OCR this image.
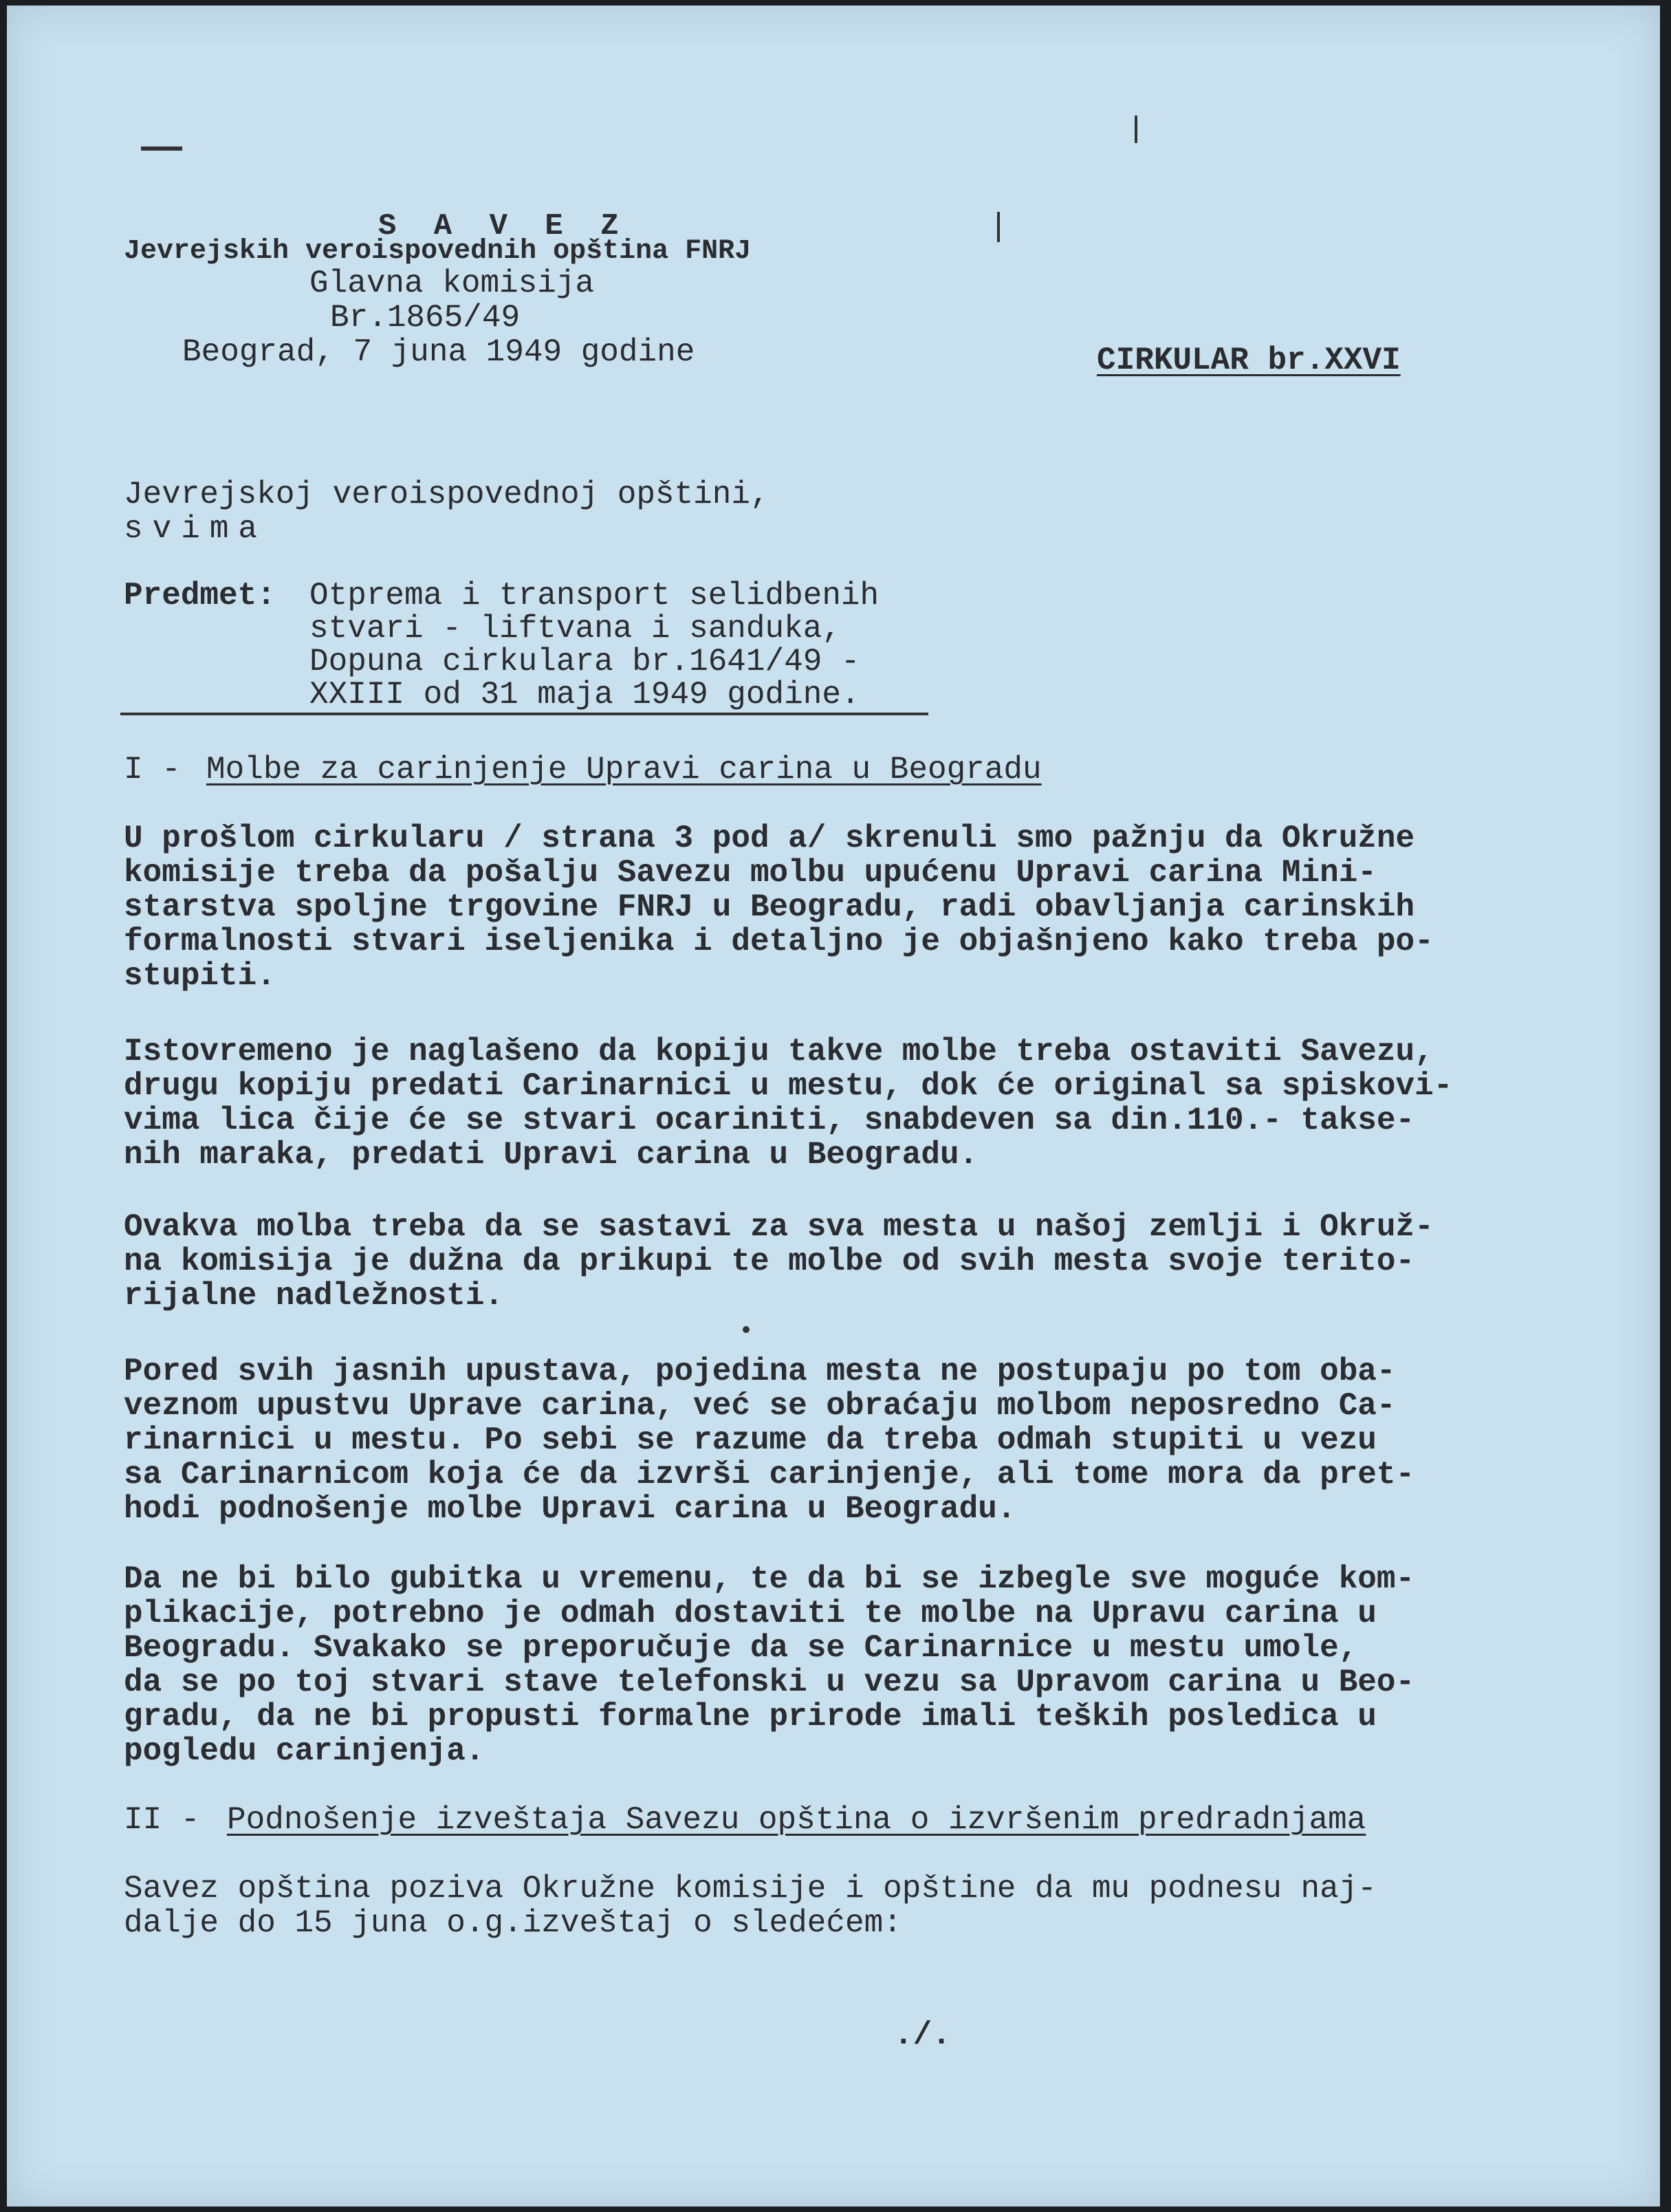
S A V E Z
Jevrejskih veroispovednih opština FNRJ
Glavna komisija
Br.1865/49
Beograd, 7 juna 1949 godine	CIRKULAR br.XXVI
Jevrejskoj veroispovednoj opštini,
svima
Predmet: Otprema i transport selidbenih
stvari - liftvana i sanduka,
Dopuna cirkulara br.1641/49 -
XXIII od 31 maja 1949 godine.
I - Molbe za carinjenje Upravi carina u Beogradu
U prošlom cirkularu / strana 3 pod a/ skrenuli smo pažnju da Okružne
komisije treba da pošalju Savezu molbu upućenu Upravi carina Mini-
starstva spoljne trgovine FNRJ u Beogradu, radi obavljanja carinskih
formalnosti stvari iseljenika i detaljno je objašnjeno kako treba po-
stupiti.
Istovremeno je naglašeno da kopiju takve molbe treba ostaviti Savezu,
drugu kopiju predati Carinarnici u mestu, dok će original sa spiskovi-
vima lica čije će se stvari ocariniti, snabdeven sa din.110.- takse-
nih maraka, predati Upravi carina u Beogradu.
Ovakva molba treba da se sastavi za sva mesta u našoj zemlji i Okruž-
na komisija je dužna da prikupi te molbe od svih mesta svoje terito-
rijalne nadležnosti.
Pored svih jasnih upustava, pojedina mesta ne postupaju po tom oba-
veznom upustvu Uprave carina, već se obraćaju molbom neposredno Ca-
rinarnici u mestu. Po sebi se razume da treba odmah stupiti u vezu
sa Carinarnicom koja će da izvrši carinjenje, ali tome mora da pret-
hodi podnošenje molbe Upravi carina u Beogradu.
Da ne bi bilo gubitka u vremenu, te da bi se izbegle sve moguće kom-
plikacije, potrebno je odmah dostaviti te molbe na Upravu carina u
Beogradu. Svakako se preporučuje da se Carinarnice u mestu umole,
da se po toj stvari stave telefonski u vezu sa Upravom carina u Beo-
gradu, da ne bi propusti formalne prirode imali teških posledica u
pogledu carinjenja.
II - Podnošenje izveštaja Savezu opština o izvršenim predradnjama
Savez opština poziva Okružne komisije i opštine da mu podnesu naj-
dalje do 15 juna o.g.izveštaj o sledećem:
./.
